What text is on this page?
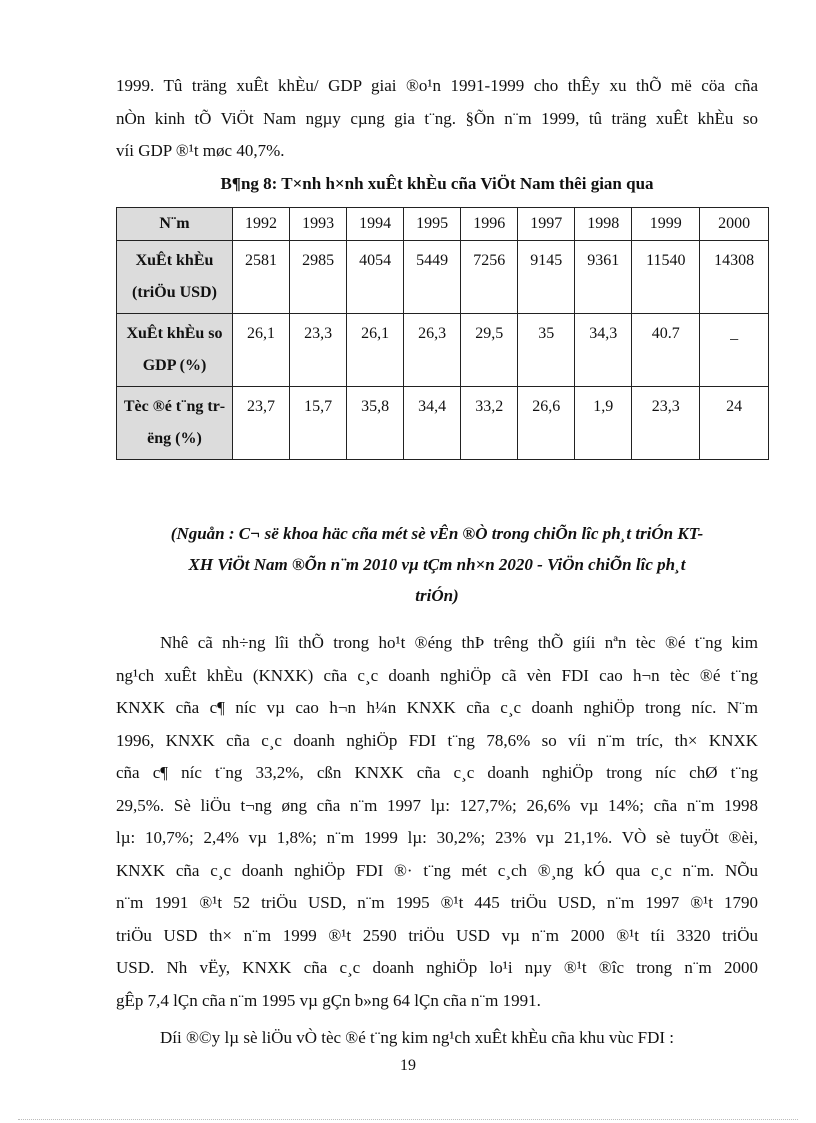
1999. Tû träng xuÊt khÈu/ GDP giai ®o¹n 1991-1999 cho thÊy xu thÕ më cöa cña
nÒn kinh tÕ ViÖt Nam ngµy cµng gia t¨ng. §Õn n¨m 1999, tû träng xuÊt khÈu so
víi GDP ®¹t møc 40,7%.

B¶ng 8: T×nh h×nh xuÊt khÈu cña ViÖt Nam thêi gian qua

N¨m	1992	1993	1994	1995	1996	1997	1998	1999	2000
XuÊt khÈu (triÖu USD)	2581	2985	4054	5449	7256	9145	9361	11540	14308
XuÊt khÈu so GDP (%)	26,1	23,3	26,1	26,3	29,5	35	34,3	40.7	_
Tèc ®é t¨ng trëng (%)	23,7	15,7	35,8	34,4	33,2	26,6	1,9	23,3	24

(Nguån : C¬ së khoa häc cña mét sè vÊn ®Ò trong chiÕn lîc ph¸t triÓn KT-
XH ViÖt Nam ®Õn n¨m 2010 vµ tÇm nh×n 2020 - ViÖn chiÕn lîc ph¸t
triÓn)

Nhê cã nh÷ng lîi thÕ trong ho¹t ®éng thÞ trêng thÕ giíi nªn tèc ®é t¨ng kim
ng¹ch xuÊt khÈu (KNXK) cña c¸c doanh nghiÖp cã vèn FDI cao h¬n tèc ®é t¨ng
KNXK cña c¶ níc vµ cao h¬n h¼n KNXK cña c¸c doanh nghiÖp trong níc. N¨m
1996, KNXK cña c¸c doanh nghiÖp FDI t¨ng 78,6% so víi n¨m tríc, th× KNXK
cña c¶ níc t¨ng 33,2%, cßn KNXK cña c¸c doanh nghiÖp trong níc chØ t¨ng
29,5%. Sè liÖu t¬ng øng cña n¨m 1997 lµ: 127,7%; 26,6% vµ 14%; cña n¨m 1998
lµ: 10,7%; 2,4% vµ 1,8%; n¨m 1999 lµ: 30,2%; 23% vµ 21,1%. VÒ sè tuyÖt ®èi,
KNXK cña c¸c doanh nghiÖp FDI ®· t¨ng mét c¸ch ®¸ng kÓ qua c¸c n¨m. NÕu
n¨m 1991 ®¹t 52 triÖu USD, n¨m 1995 ®¹t 445 triÖu USD, n¨m 1997 ®¹t 1790
triÖu USD th× n¨m 1999 ®¹t 2590 triÖu USD vµ n¨m 2000 ®¹t tíi 3320 triÖu
USD. Nh vËy, KNXK cña c¸c doanh nghiÖp lo¹i nµy ®¹t ®îc trong n¨m 2000
gÊp 7,4 lÇn cña n¨m 1995 vµ gÇn b»ng 64 lÇn cña n¨m 1991.

Díi ®©y lµ sè liÖu vÒ tèc ®é t¨ng kim ng¹ch xuÊt khÈu cña khu vùc FDI :

19
